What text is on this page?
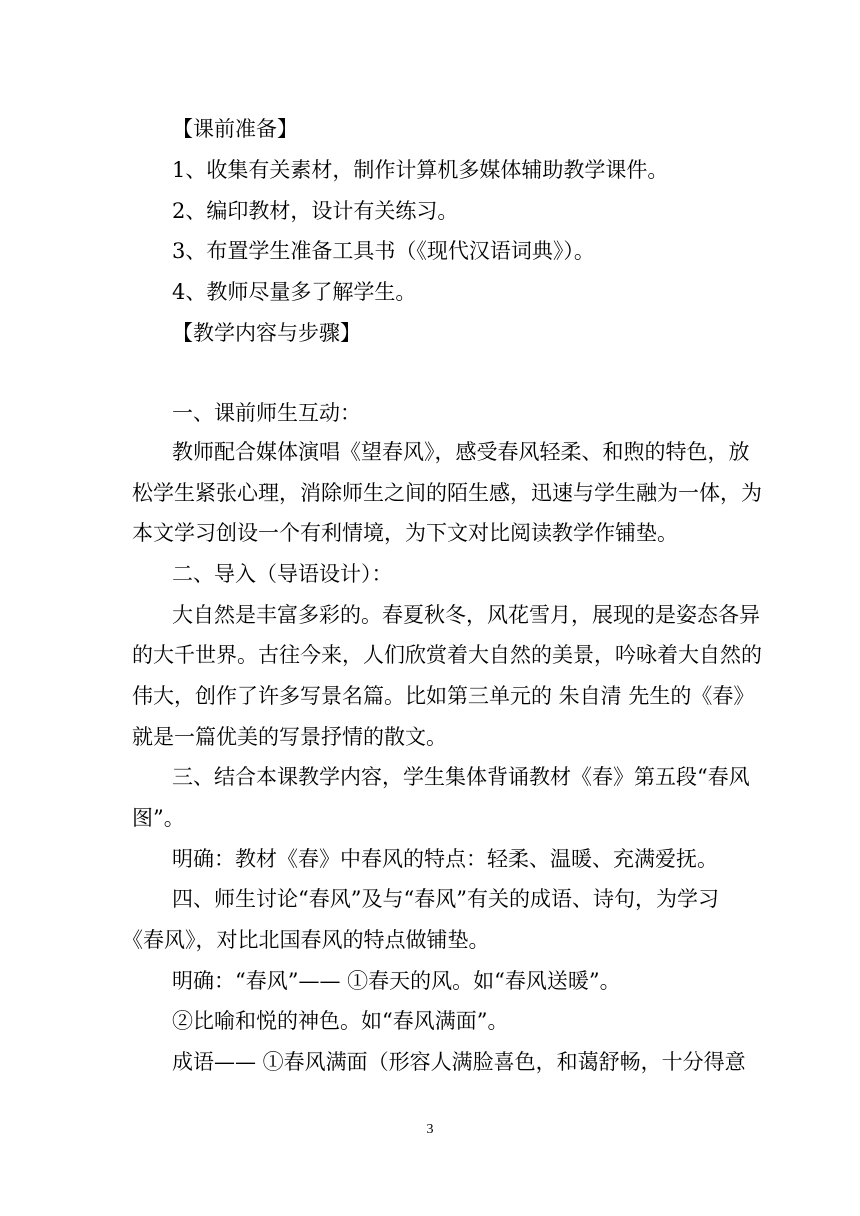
【课前准备】
1、收集有关素材，制作计算机多媒体辅助教学课件。
2、编印教材，设计有关练习。
3、布置学生准备工具书（《现代汉语词典》）。
4、教师尽量多了解学生。
【教学内容与步骤】
一、课前师生互动：
教师配合媒体演唱《望春风》，感受春风轻柔、和煦的特色，放
松学生紧张心理，消除师生之间的陌生感，迅速与学生融为一体，为
本文学习创设一个有利情境，为下文对比阅读教学作铺垫。
二、导入（导语设计）：
大自然是丰富多彩的。春夏秋冬，风花雪月，展现的是姿态各异
的大千世界。古往今来，人们欣赏着大自然的美景，吟咏着大自然的
伟大，创作了许多写景名篇。比如第三单元的 朱自清 先生的《春》
就是一篇优美的写景抒情的散文。
三、结合本课教学内容，学生集体背诵教材《春》第五段“春风
图”。
明确：教材《春》中春风的特点：轻柔、温暖、充满爱抚。
四、师生讨论“春风”及与“春风”有关的成语、诗句，为学习
《春风》，对比北国春风的特点做铺垫。
明确：“春风”—— ①春天的风。如“春风送暖”。
②比喻和悦的神色。如“春风满面”。
成语—— ①春风满面（形容人满脸喜色，和蔼舒畅，十分得意
3
